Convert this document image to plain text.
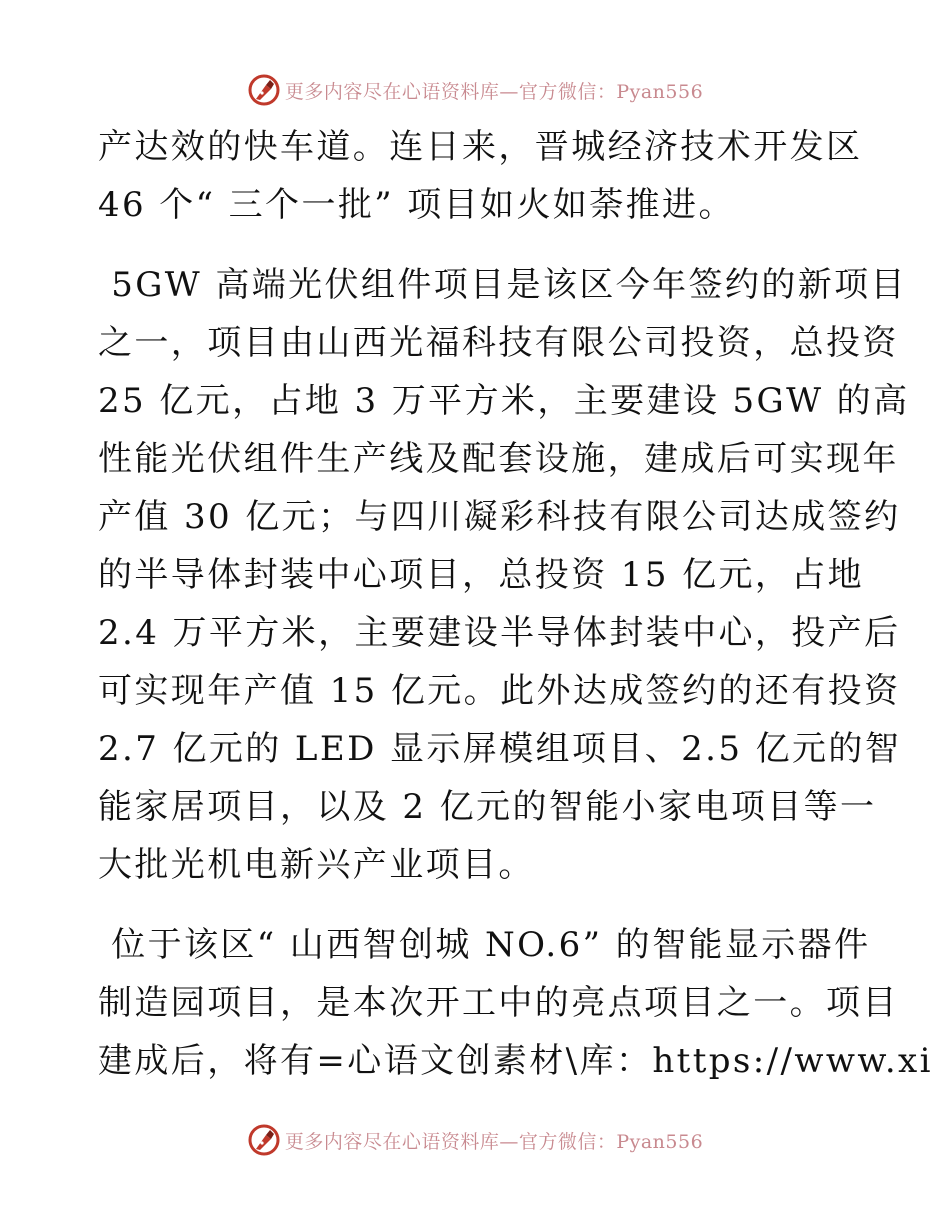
更多内容尽在心语资料库—官方微信：Pyan556
产达效的快车道。连日来，晋城经济技术开发区
46 个“ 三个一批” 项目如火如荼推进。
5GW 高端光伏组件项目是该区今年签约的新项目
之一，项目由山西光福科技有限公司投资，总投资
25 亿元，占地 3 万平方米，主要建设 5GW 的高
性能光伏组件生产线及配套设施，建成后可实现年
产值 30 亿元；与四川凝彩科技有限公司达成签约
的半导体封装中心项目，总投资 15 亿元，占地
2.4 万平方米，主要建设半导体封装中心，投产后
可实现年产值 15 亿元。此外达成签约的还有投资
2.7 亿元的 LED 显示屏模组项目、2.5 亿元的智
能家居项目，以及 2 亿元的智能小家电项目等一
大批光机电新兴产业项目。
位于该区“ 山西智创城 NO.6” 的智能显示器件
制造园项目，是本次开工中的亮点项目之一。项目
建成后，将有=心语文创素材\库：https://www.xi
更多内容尽在心语资料库—官方微信：Pyan556
